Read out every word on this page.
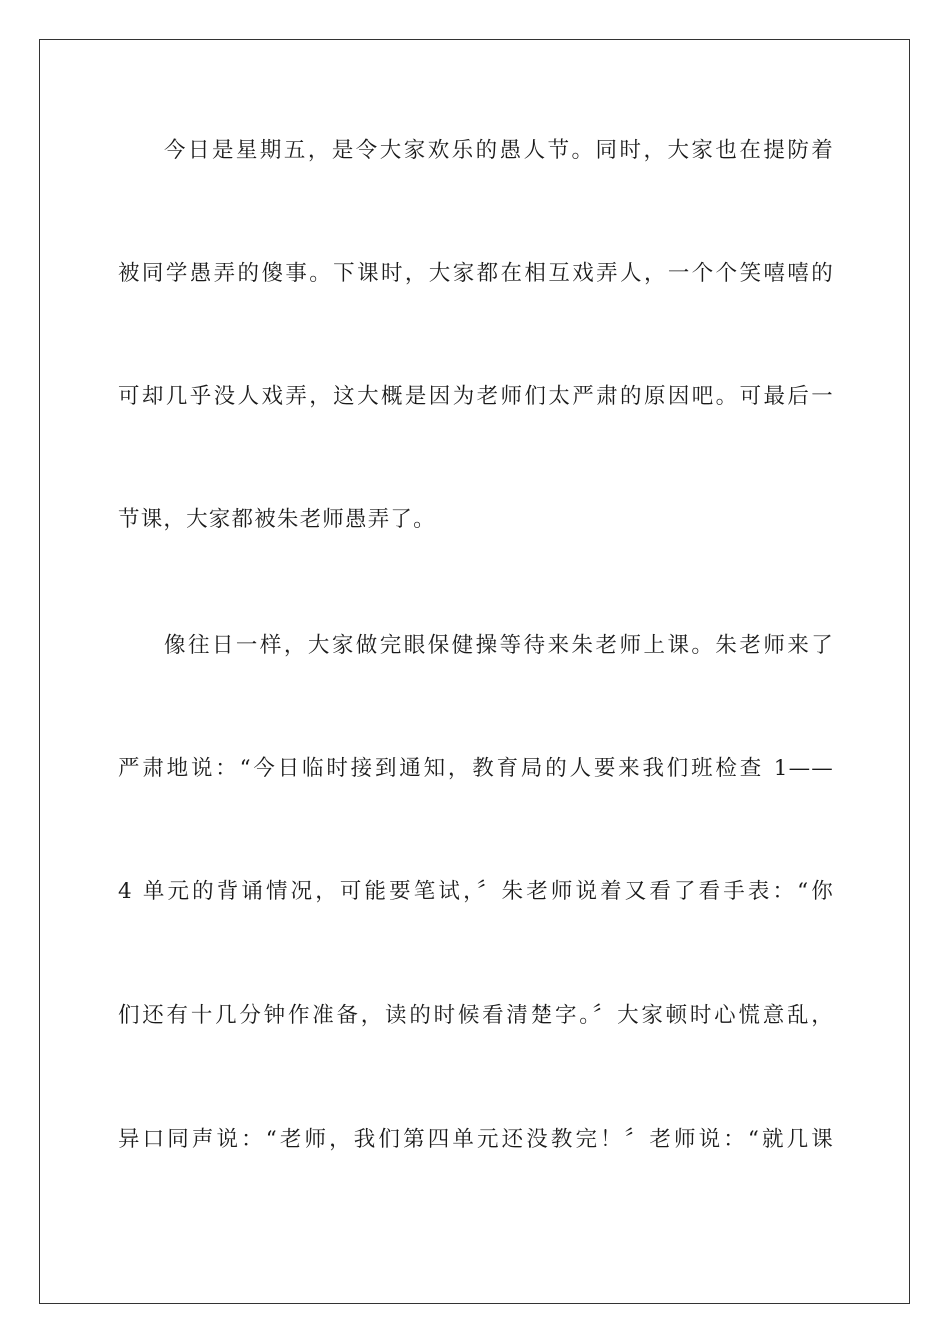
今日是星期五，是令大家欢乐的愚人节。同时，大家也在提防着
被同学愚弄的傻事。下课时，大家都在相互戏弄人，一个个笑嘻嘻的
可却几乎没人戏弄，这大概是因为老师们太严肃的原因吧。可最后一
节课，大家都被朱老师愚弄了。
像往日一样，大家做完眼保健操等待来朱老师上课。朱老师来了
严肃地说：“今日临时接到通知，教育局的人要来我们班检查 1——
4 单元的背诵情况，可能要笔试，〞朱老师说着又看了看手表：“你
们还有十几分钟作准备，读的时候看清楚字。〞大家顿时心慌意乱，
异口同声说：“老师，我们第四单元还没教完！〞老师说：“就几课
